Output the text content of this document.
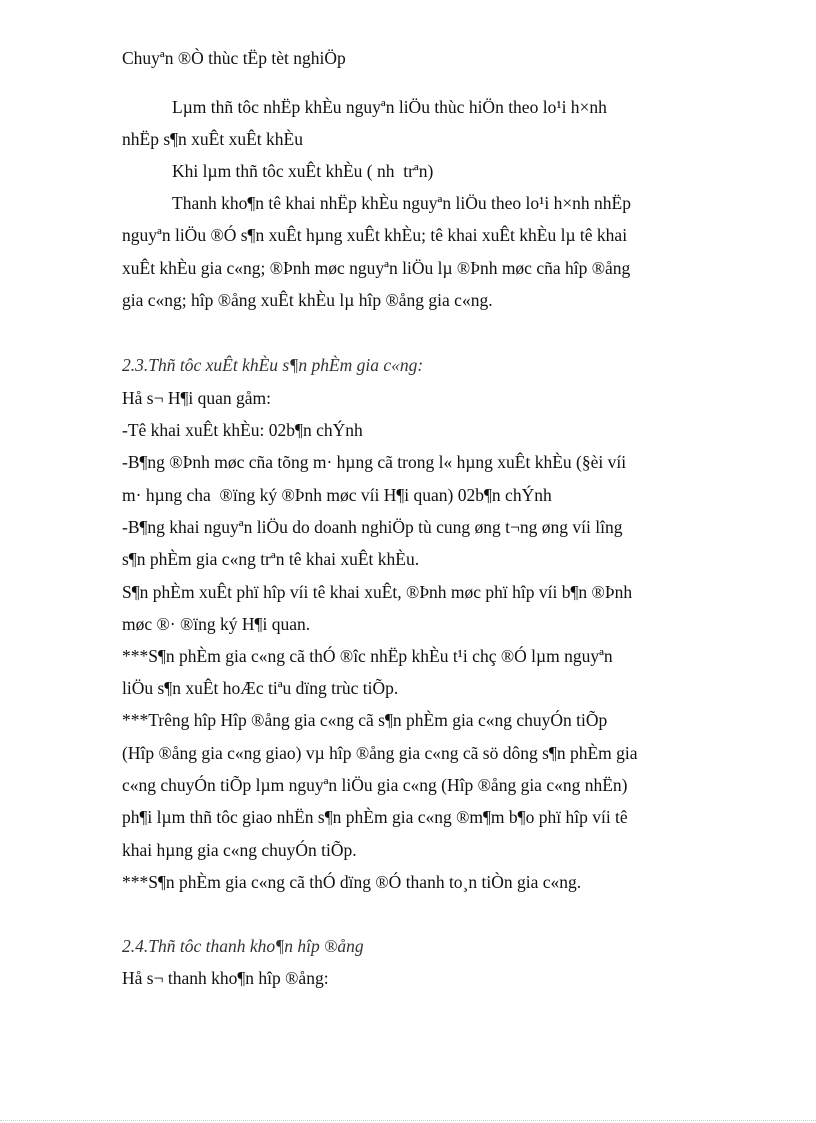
Chuyªn ®Ò thùc tËp tèt nghiÖp
Lµm thñ tôc nhËp khÈu nguyªn liÖu thùc hiÖn theo lo¹i h×nh
nhËp s¶n xuÊt xuÊt khÈu
Khi lµm thñ tôc xuÊt khÈu ( nh  trªn)
Thanh kho¶n tê khai nhËp khÈu nguyªn liÖu theo lo¹i h×nh nhËp
nguyªn liÖu ®Ó s¶n xuÊt hµng xuÊt khÈu; tê khai xuÊt khÈu lµ tê khai
xuÊt khÈu gia c«ng; ®Þnh møc nguyªn liÖu lµ ®Þnh møc cña hîp ®ång
gia c«ng; hîp ®ång xuÊt khÈu lµ hîp ®ång gia c«ng.
2.3.Thñ tôc xuÊt khÈu s¶n phÈm gia c«ng:
Hå s¬ H¶i quan gåm:
-Tê khai xuÊt khÈu: 02b¶n chÝnh
-B¶ng ®Þnh møc cña tõng m· hµng cã trong l« hµng xuÊt khÈu (§èi víi
m· hµng cha  ®ïng ký ®Þnh møc víi H¶i quan) 02b¶n chÝnh
-B¶ng khai nguyªn liÖu do doanh nghiÖp tù cung øng t¬ng øng víi lîng
s¶n phÈm gia c«ng trªn tê khai xuÊt khÈu.
S¶n phÈm xuÊt phï hîp víi tê khai xuÊt, ®Þnh møc phï hîp víi b¶n ®Þnh
møc ®· ®ïng ký H¶i quan.
***S¶n phÈm gia c«ng cã thÓ ®îc nhËp khÈu t¹i chç ®Ó lµm nguyªn
liÖu s¶n xuÊt hoÆc tiªu dïng trùc tiÕp.
***Trêng hîp Hîp ®ång gia c«ng cã s¶n phÈm gia c«ng chuyÓn tiÕp
(Hîp ®ång gia c«ng giao) vµ hîp ®ång gia c«ng cã sö dông s¶n phÈm gia
c«ng chuyÓn tiÕp lµm nguyªn liÖu gia c«ng (Hîp ®ång gia c«ng nhËn)
ph¶i lµm thñ tôc giao nhËn s¶n phÈm gia c«ng ®m¶m b¶o phï hîp víi tê
khai hµng gia c«ng chuyÓn tiÕp.
***S¶n phÈm gia c«ng cã thÓ dïng ®Ó thanh to¸n tiÒn gia c«ng.
2.4.Thñ tôc thanh kho¶n hîp ®ång
Hå s¬ thanh kho¶n hîp ®ång:
